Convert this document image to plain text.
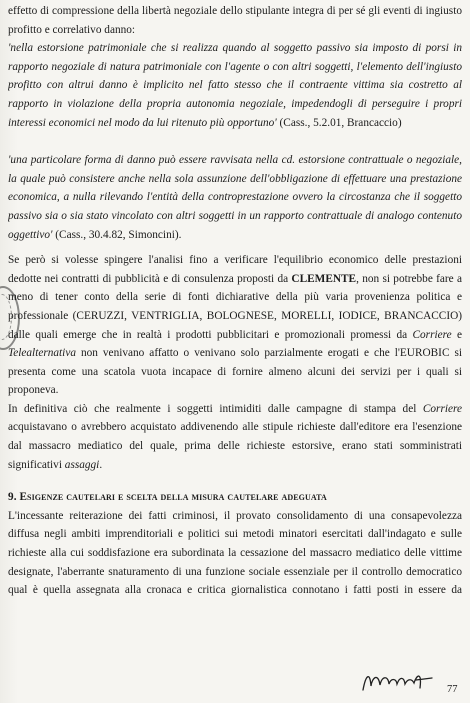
effetto di compressione della libertà negoziale dello stipulante integra di per sé gli eventi di ingiusto
profitto e correlativo danno:
'nella estorsione patrimoniale che si realizza quando al soggetto passivo sia imposto di porsi in
rapporto negoziale di natura patrimoniale con l'agente o con altri soggetti, l'elemento dell'ingiusto
profitto con altrui danno è implicito nel fatto stesso che il contraente vittima sia costretto al
rapporto in violazione della propria autonomia negoziale, impedendogli di perseguire i propri
interessi economici nel modo da lui ritenuto più opportuno' (Cass., 5.2.01, Brancaccio)
'una particolare forma di danno può essere ravvisata nella cd. estorsione contrattuale o negoziale,
la quale può consistere anche nella sola assunzione dell'obbligazione di effettuare una prestazione
economica, a nulla rilevando l'entità della controprestazione ovvero la circostanza che il soggetto
passivo sia o sia stato vincolato con altri soggetti in un rapporto contrattuale di analogo contenuto
oggettivo' (Cass., 30.4.82, Simoncini).
Se però si volesse spingere l'analisi fino a verificare l'equilibrio economico delle prestazioni
dedotte nei contratti di pubblicità e di consulenza proposti da CLEMENTE, non si potrebbe fare a
meno di tener conto della serie di fonti dichiarative della più varia provenienza politica e
professionale (CERUZZI, VENTRIGLIA, BOLOGNESE, MORELLI, IODICE, BRANCACCIO)
dalle quali emerge che in realtà i prodotti pubblicitari e promozionali promessi da Corriere e
Telealternativa non venivano affatto o venivano solo parzialmente erogati e che l'EUROBIC si
presenta come una scatola vuota incapace di fornire almeno alcuni dei servizi per i quali si
proponeva.
In definitiva ciò che realmente i soggetti intimiditi dalle campagne di stampa del Corriere
acquistavano o avrebbero acquistato addivenendo alle stipule richieste dall'editore era l'esenzione
dal massacro mediatico del quale, prima delle richieste estorsive, erano stati somministrati
significativi assaggi.
9. Esigenze cautelari e scelta della misura cautelare adeguata
L'incessante reiterazione dei fatti criminosi, il provato consolidamento di una consapevolezza
diffusa negli ambiti imprenditoriali e politici sui metodi minatori esercitati dall'indagato e sulle
richieste alla cui soddisfazione era subordinata la cessazione del massacro mediatico delle vittime
designate, l'aberrante snaturamento di una funzione sociale essenziale per il controllo democratico
qual è quella assegnata alla cronaca e critica giornalistica connotano i fatti posti in essere da
77
